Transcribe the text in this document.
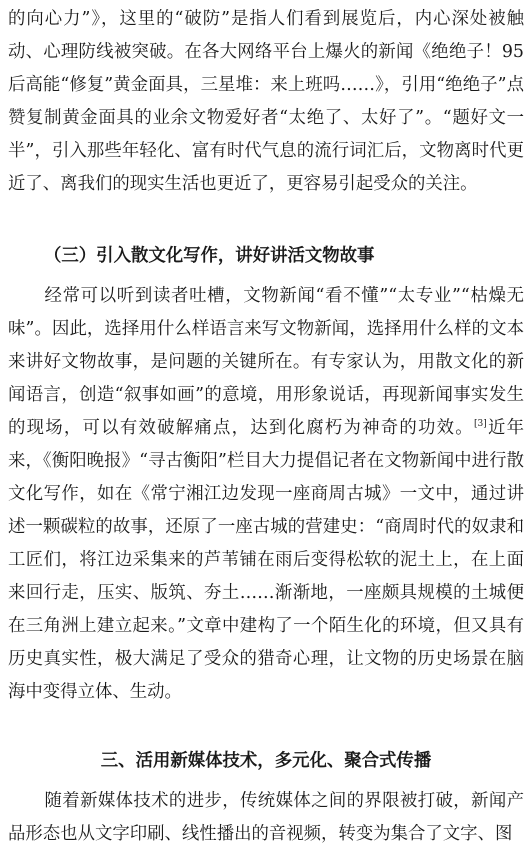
的向心力”》，这里的“破防”是指人们看到展览后，内心深处被触动、心理防线被突破。在各大网络平台上爆火的新闻《绝绝子！95后高能“修复”黄金面具，三星堆：来上班吗……》，引用“绝绝子”点赞复制黄金面具的业余文物爱好者“太绝了、太好了”。“题好文一半”，引入那些年轻化、富有时代气息的流行词汇后，文物离时代更近了、离我们的现实生活也更近了，更容易引起受众的关注。

（三）引入散文化写作，讲好讲活文物故事

经常可以听到读者吐槽，文物新闻“看不懂”“太专业”“枯燥无味”。因此，选择用什么样语言来写文物新闻，选择用什么样的文本来讲好文物故事，是问题的关键所在。有专家认为，用散文化的新闻语言，创造“叙事如画”的意境，用形象说话，再现新闻事实发生的现场，可以有效破解痛点，达到化腐朽为神奇的功效。[3]近年来，《衡阳晚报》“寻古衡阳”栏目大力提倡记者在文物新闻中进行散文化写作，如在《常宁湘江边发现一座商周古城》一文中，通过讲述一颗碳粒的故事，还原了一座古城的营建史：“商周时代的奴隶和工匠们，将江边采集来的芦苇铺在雨后变得松软的泥土上，在上面来回行走，压实、版筑、夯土……渐渐地，一座颇具规模的土城便在三角洲上建立起来。”文章中建构了一个陌生化的环境，但又具有历史真实性，极大满足了受众的猎奇心理，让文物的历史场景在脑海中变得立体、生动。

三、活用新媒体技术，多元化、聚合式传播

随着新媒体技术的进步，传统媒体之间的界限被打破，新闻产品形态也从文字印刷、线性播出的音视频，转变为集合了文字、图
